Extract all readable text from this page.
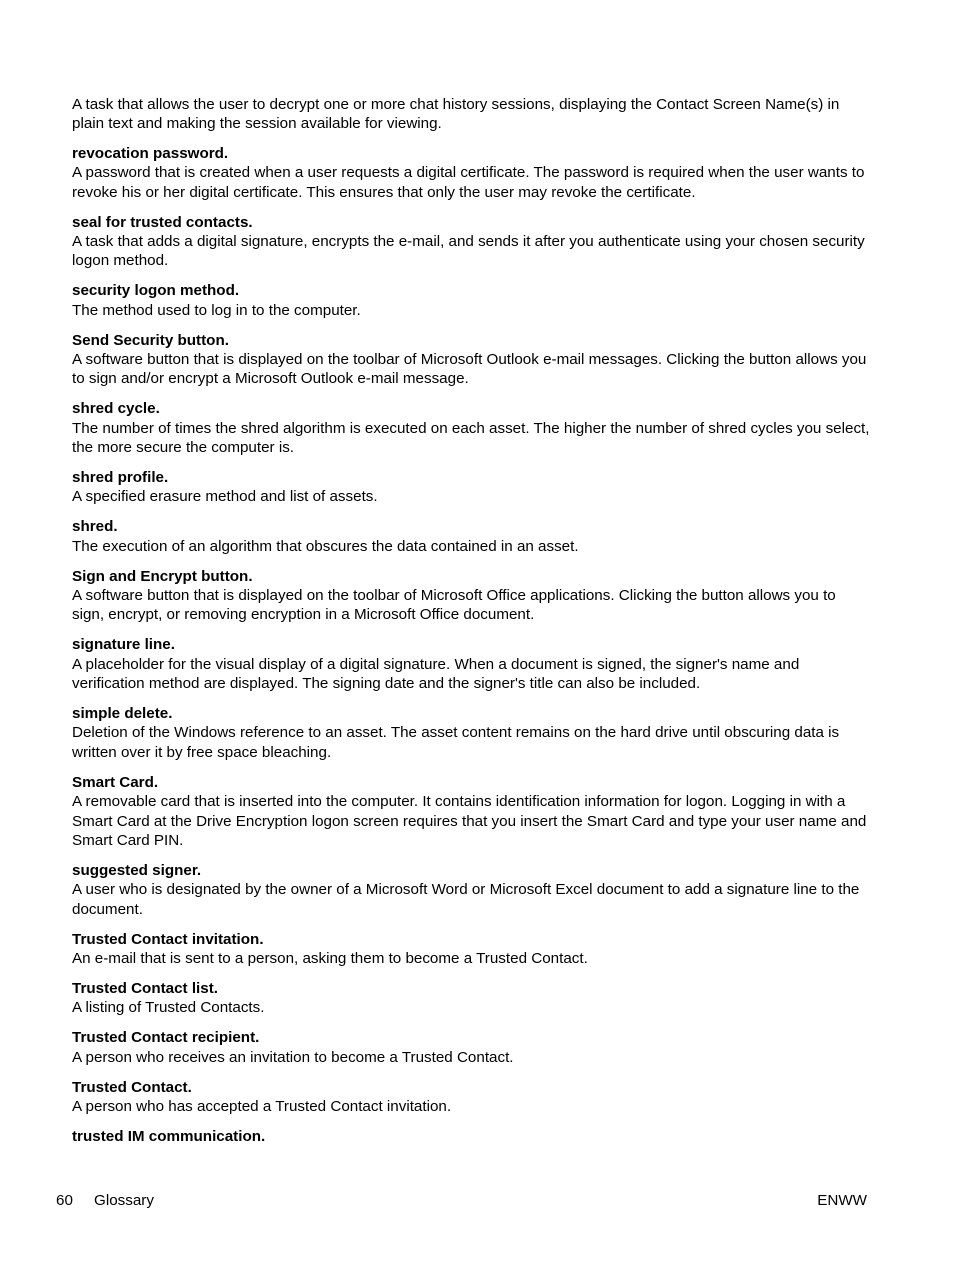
A task that allows the user to decrypt one or more chat history sessions, displaying the Contact Screen Name(s) in plain text and making the session available for viewing.

revocation password.
A password that is created when a user requests a digital certificate. The password is required when the user wants to revoke his or her digital certificate. This ensures that only the user may revoke the certificate.
seal for trusted contacts.
A task that adds a digital signature, encrypts the e-mail, and sends it after you authenticate using your chosen security logon method.
security logon method.
The method used to log in to the computer.
Send Security button.
A software button that is displayed on the toolbar of Microsoft Outlook e-mail messages. Clicking the button allows you to sign and/or encrypt a Microsoft Outlook e-mail message.
shred cycle.
The number of times the shred algorithm is executed on each asset. The higher the number of shred cycles you select, the more secure the computer is.
shred profile.
A specified erasure method and list of assets.
shred.
The execution of an algorithm that obscures the data contained in an asset.
Sign and Encrypt button.
A software button that is displayed on the toolbar of Microsoft Office applications. Clicking the button allows you to sign, encrypt, or removing encryption in a Microsoft Office document.
signature line.
A placeholder for the visual display of a digital signature. When a document is signed, the signer's name and verification method are displayed. The signing date and the signer's title can also be included.
simple delete.
Deletion of the Windows reference to an asset. The asset content remains on the hard drive until obscuring data is written over it by free space bleaching.
Smart Card.
A removable card that is inserted into the computer. It contains identification information for logon. Logging in with a Smart Card at the Drive Encryption logon screen requires that you insert the Smart Card and type your user name and Smart Card PIN.
suggested signer.
A user who is designated by the owner of a Microsoft Word or Microsoft Excel document to add a signature line to the document.
Trusted Contact invitation.
An e-mail that is sent to a person, asking them to become a Trusted Contact.
Trusted Contact list.
A listing of Trusted Contacts.
Trusted Contact recipient.
A person who receives an invitation to become a Trusted Contact.
Trusted Contact.
A person who has accepted a Trusted Contact invitation.
trusted IM communication.
60 Glossary	ENWW
